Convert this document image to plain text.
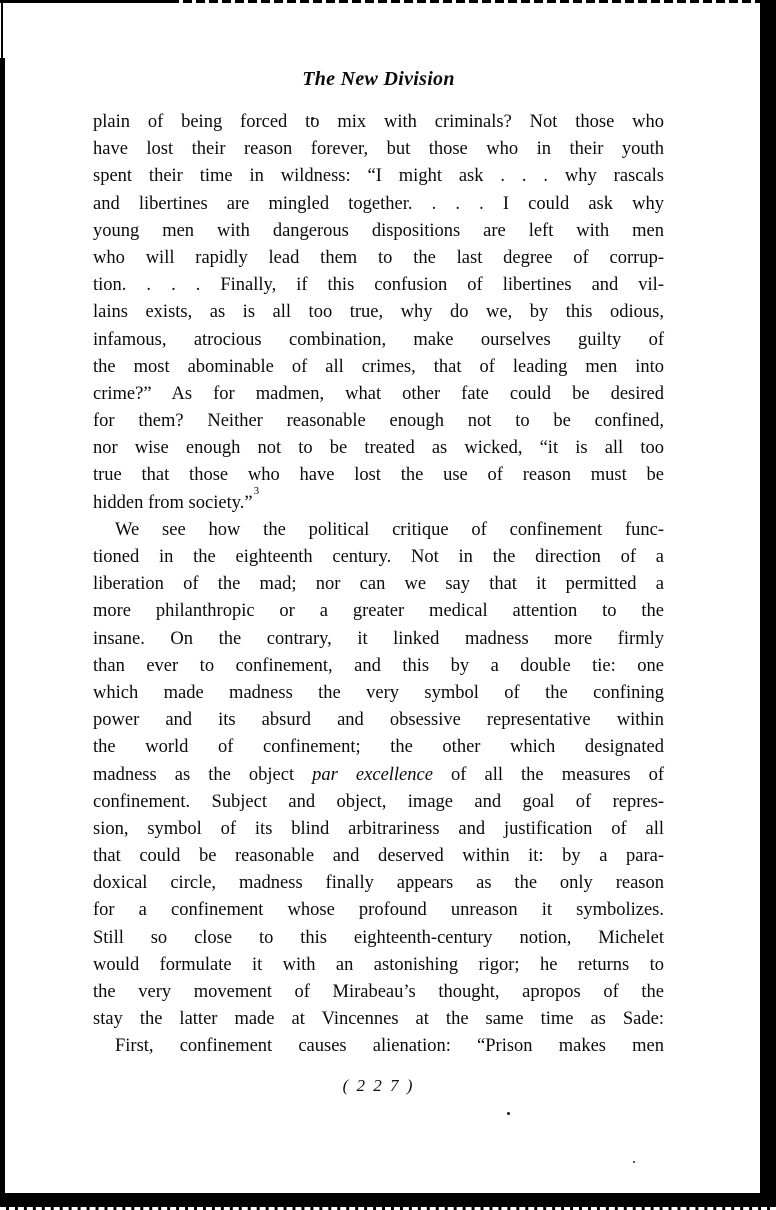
The New Division
plain of being forced to mix with criminals? Not those who
have lost their reason forever, but those who in their youth
spent their time in wildness: “I might ask . . . why rascals
and libertines are mingled together. . . . I could ask why
young men with dangerous dispositions are left with men
who will rapidly lead them to the last degree of corrup-
tion. . . . Finally, if this confusion of libertines and vil-
lains exists, as is all too true, why do we, by this odious,
infamous, atrocious combination, make ourselves guilty of
the most abominable of all crimes, that of leading men into
crime?” As for madmen, what other fate could be desired
for them? Neither reasonable enough not to be confined,
nor wise enough not to be treated as wicked, “it is all too
true that those who have lost the use of reason must be
hidden from society.”$^3$
We see how the political critique of confinement func-
tioned in the eighteenth century. Not in the direction of a
liberation of the mad; nor can we say that it permitted a
more philanthropic or a greater medical attention to the
insane. On the contrary, it linked madness more firmly
than ever to confinement, and this by a double tie: one
which made madness the very symbol of the confining
power and its absurd and obsessive representative within
the world of confinement; the other which designated
madness as the object par excellence of all the measures of
confinement. Subject and object, image and goal of repres-
sion, symbol of its blind arbitrariness and justification of all
that could be reasonable and deserved within it: by a para-
doxical circle, madness finally appears as the only reason
for a confinement whose profound unreason it symbolizes.
Still so close to this eighteenth-century notion, Michelet
would formulate it with an astonishing rigor; he returns to
the very movement of Mirabeau’s thought, apropos of the
stay the latter made at Vincennes at the same time as Sade:
First, confinement causes alienation: “Prison makes men
( 2 2 7 )
